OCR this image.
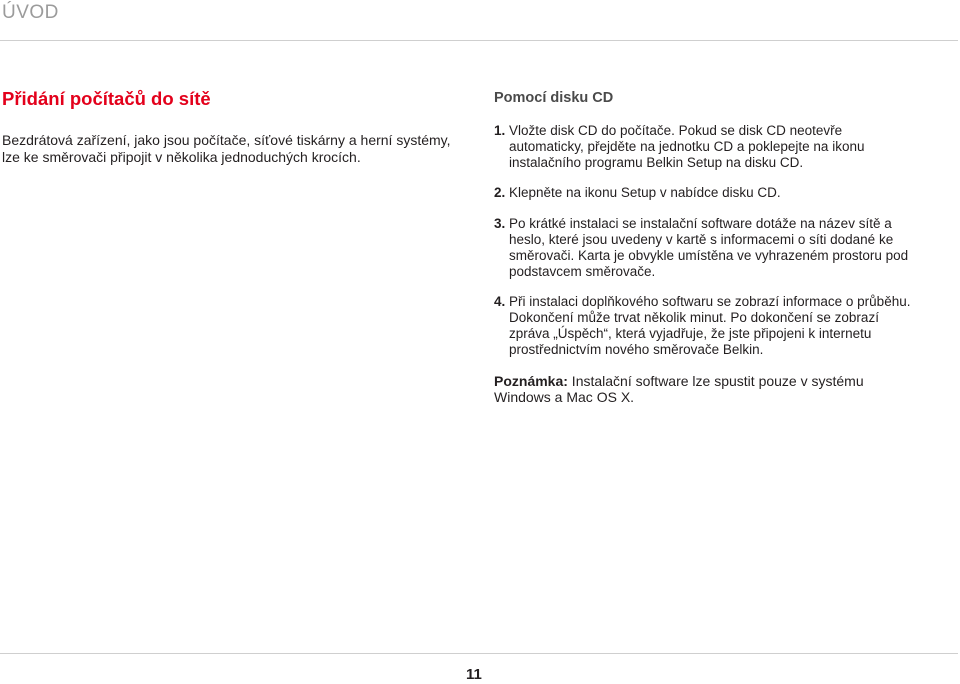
ÚVOD
Přidání počítačů do sítě
Bezdrátová zařízení, jako jsou počítače, síťové tiskárny a herní systémy, lze ke směrovači připojit v několika jednoduchých krocích.
Pomocí disku CD
1. Vložte disk CD do počítače. Pokud se disk CD neotevře automaticky, přejděte na jednotku CD a poklepejte na ikonu instalačního programu Belkin Setup na disku CD.
2. Klepněte na ikonu Setup v nabídce disku CD.
3. Po krátké instalaci se instalační software dotáže na název sítě a heslo, které jsou uvedeny v kartě s informacemi o síti dodané ke směrovači. Karta je obvykle umístěna ve vyhrazeném prostoru pod podstavcem směrovače.
4. Při instalaci doplňkového softwaru se zobrazí informace o průběhu. Dokončení může trvat několik minut. Po dokončení se zobrazí zpráva „Úspěch“, která vyjadřuje, že jste připojeni k internetu prostřednictvím nového směrovače Belkin.
Poznámka: Instalační software lze spustit pouze v systému Windows a Mac OS X.
11
